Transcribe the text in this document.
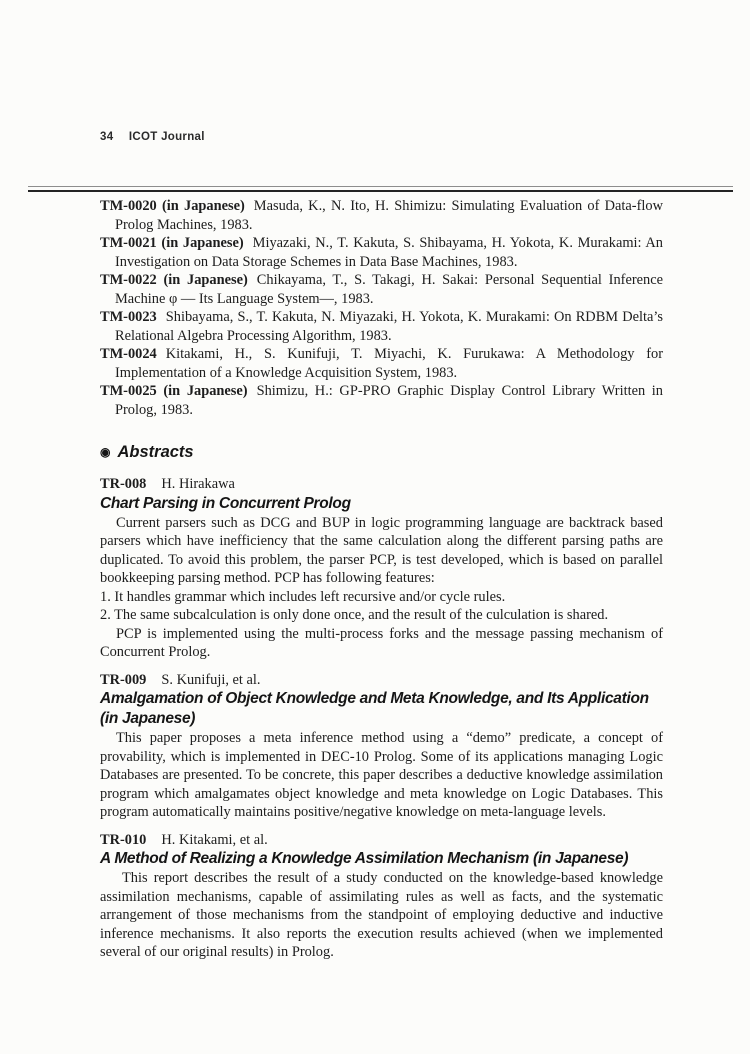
34 ICOT Journal

TM-0020 (in Japanese) Masuda, K., N. Ito, H. Shimizu: Simulating Evaluation of Data-flow Prolog Machines, 1983.

TM-0021 (in Japanese) Miyazaki, N., T. Kakuta, S. Shibayama, H. Yokota, K. Murakami: An Investigation on Data Storage Schemes in Data Base Machines, 1983.

TM-0022 (in Japanese) Chikayama, T., S. Takagi, H. Sakai: Personal Sequential Inference Machine φ — Its Language System—, 1983.

TM-0023 Shibayama, S., T. Kakuta, N. Miyazaki, H. Yokota, K. Murakami: On RDBM Delta’s Relational Algebra Processing Algorithm, 1983.

TM-0024 Kitakami, H., S. Kunifuji, T. Miyachi, K. Furukawa: A Methodology for Implementation of a Knowledge Acquisition System, 1983.

TM-0025 (in Japanese) Shimizu, H.: GP-PRO Graphic Display Control Library Written in Prolog, 1983.

◉ Abstracts

TR-008 H. Hirakawa

Chart Parsing in Concurrent Prolog

Current parsers such as DCG and BUP in logic programming language are backtrack based parsers which have inefficiency that the same calculation along the different parsing paths are duplicated. To avoid this problem, the parser PCP, is test developed, which is based on parallel bookkeeping parsing method. PCP has following features:

1. It handles grammar which includes left recursive and/or cycle rules.

2. The same subcalculation is only done once, and the result of the culculation is shared.

PCP is implemented using the multi-process forks and the message passing mechanism of Concurrent Prolog.

TR-009 S. Kunifuji, et al.

Amalgamation of Object Knowledge and Meta Knowledge, and Its Application (in Japanese)

This paper proposes a meta inference method using a “demo” predicate, a concept of provability, which is implemented in DEC-10 Prolog. Some of its applications managing Logic Databases are presented. To be concrete, this paper describes a deductive knowledge assimilation program which amalgamates object knowledge and meta knowledge on Logic Databases. This program automatically maintains positive/negative knowledge on meta-language levels.

TR-010 H. Kitakami, et al.

A Method of Realizing a Knowledge Assimilation Mechanism (in Japanese)

This report describes the result of a study conducted on the knowledge-based knowledge assimilation mechanisms, capable of assimilating rules as well as facts, and the systematic arrangement of those mechanisms from the standpoint of employing deductive and inductive inference mechanisms. It also reports the execution results achieved (when we implemented several of our original results) in Prolog.
